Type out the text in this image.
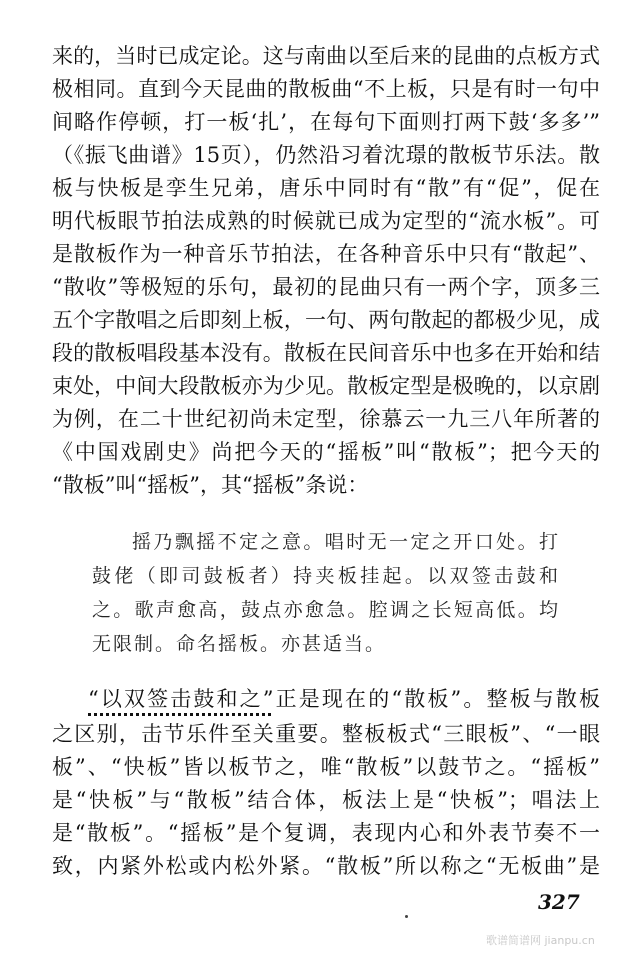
来的，当时已成定论。这与南曲以至后来的昆曲的点板方式
极相同。直到今天昆曲的散板曲“不上板，只是有时一句中
间略作停顿，打一板‘扎’，在每句下面则打两下鼓‘多多’”
（《振飞曲谱》15页），仍然沿习着沈璟的散板节乐法。散
板与快板是孪生兄弟，唐乐中同时有“散”有“促”，促在
明代板眼节拍法成熟的时候就已成为定型的“流水板”。可
是散板作为一种音乐节拍法，在各种音乐中只有“散起”、
“散收”等极短的乐句，最初的昆曲只有一两个字，顶多三
五个字散唱之后即刻上板，一句、两句散起的都极少见，成
段的散板唱段基本没有。散板在民间音乐中也多在开始和结
束处，中间大段散板亦为少见。散板定型是极晚的，以京剧
为例，在二十世纪初尚未定型，徐慕云一九三八年所著的
《中国戏剧史》尚把今天的“摇板”叫“散板”；把今天的
“散板”叫“摇板”，其“摇板”条说：
摇乃飘摇不定之意。唱时无一定之开口处。打
鼓佬（即司鼓板者）持夹板挂起。以双签击鼓和
之。歌声愈高，鼓点亦愈急。腔调之长短高低。均
无限制。命名摇板。亦甚适当。
“以双签击鼓和之”正是现在的“散板”。整板与散板
之区别，击节乐件至关重要。整板板式“三眼板”、“一眼
板”、“快板”皆以板节之，唯“散板”以鼓节之。“摇板”
是“快板”与“散板”结合体，板法上是“快板”；唱法上
是“散板”。“摇板”是个复调，表现内心和外表节奏不一
致，内紧外松或内松外紧。“散板”所以称之“无板曲”是
327
歌谱简谱网 jianpu.cn
